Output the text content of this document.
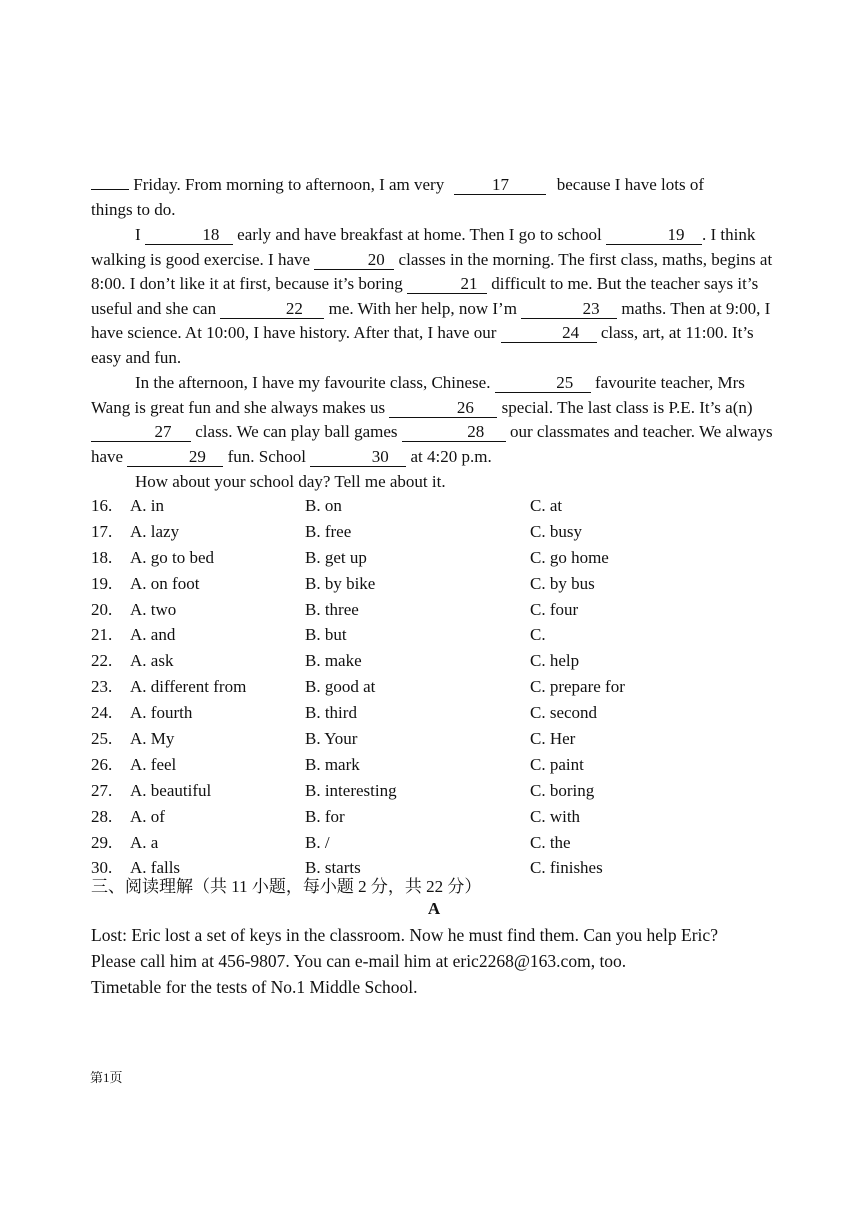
Friday. From morning to afternoon, I am very	17	because I have lots of
things to do.
I	18 early and have breakfast at home. Then I go to school	19 . I think walking is good exercise. I have	20 classes in the morning. The first class, maths, begins at 8:00. I don’t like it at first, because it’s boring	21 difficult to me. But the teacher says it’s useful and she can	22 me. With her help, now I’m	23 maths. Then at 9:00, I have science. At 10:00, I have history. After that, I have our	24 class, art, at 11:00. It’s easy and fun.
In the afternoon, I have my favourite class, Chinese.	25 favourite teacher, Mrs Wang is great fun and she always makes us	26 special. The last class is P.E. It’s a(n) 27 class. We can play ball games	28 our classmates and teacher. We always have	29 fun. School	30 at 4:20 p.m.
How about your school day? Tell me about it.
16. A. in	B. on	C. at
17. A. lazy	B. free	C. busy
18. A. go to bed	B. get up	C. go home
19. A. on foot	B. by bike	C. by bus
20. A. two	B. three	C. four
21. A. and	B. but	C.
22. A. ask	B. make	C. help
23. A. different from	B. good at	C. prepare for
24. A. fourth	B. third	C. second
25. A. My	B. Your	C. Her
26. A. feel	B. mark	C. paint
27. A. beautiful	B. interesting	C. boring
28. A. of	B. for	C. with
29. A. a	B. /	C. the
30. A. falls	B. starts	C. finishes
三、阅读理解（共 11 小题，每小题 2 分，共 22 分）
A
Lost: Eric lost a set of keys in the classroom. Now he must find them. Can you help Eric?
Please call him at 456-9807. You can e-mail him at eric2268@163.com, too.
Timetable for the tests of No.1 Middle School.
第1页
